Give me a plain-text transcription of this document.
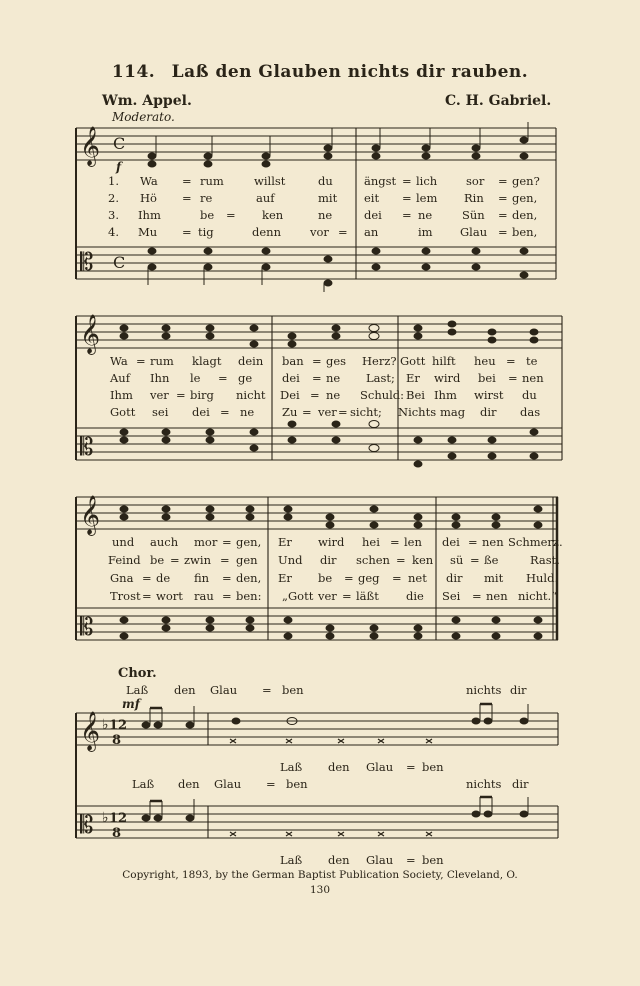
114. Laß den Glauben nichts dir rauben.
Wm. Appel.	C. H. Gabriel.
Moderato.
𝄞
𝄡
𝄞
𝄡
𝄞
𝄡
𝄞
𝄡
C
C
♭
♭
12
8
12
8
f
mf
1. Wa = rum	willst	du	ängst = lich	sor = gen?
2. Hö = re	auf	mit eit = lem Rin = gen,
3. Ihm	be = ken	ne	dei = ne	Sün = den,
4. Mu = tig	denn	vor = an	im Glau = ben,
Wa = rum klagt dein ban = ges Herz? Gott hilft heu = te
Auf Ihn le = ge	dei = ne Last; Er wird bei = nen
Ihm ver = birg nicht Dei = ne Schuld: Bei Ihm wirst du
Gott sei dei = ne Zu = ver = sicht; Nichts mag dir das
und auch mor = gen, Er wird hei = len dei = nen Schmerz.
Feind be = zwin = gen Und dir schen = ken sü = ße	Rast.
Gna = de fin = den, Er be = geg = net dir mit Huld.
Trost = wort rau = ben: „Gott ver = läßt die Sei = nen nicht.“
Chor.
Laß den Glau = ben	nichts dir
Laß den Glau = ben
Laß den Glau = ben	nichts dir
Laß den Glau = ben
Copyright, 1893, by the German Baptist Publication Society, Cleveland, O.
130
